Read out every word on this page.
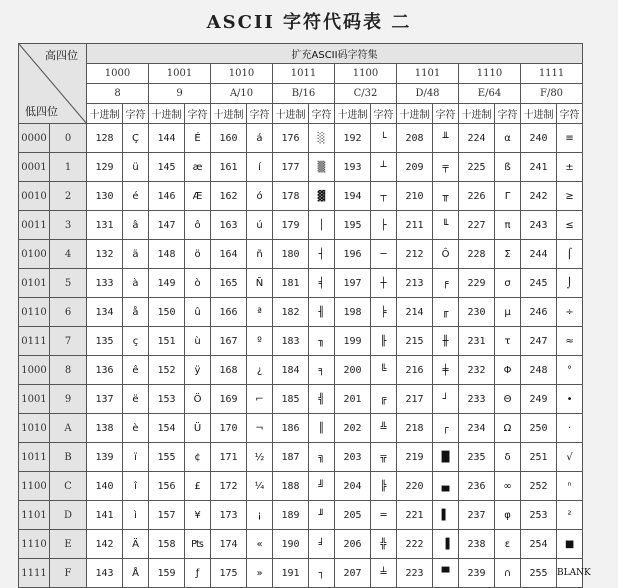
ASCII 字符代码表 二
高四位
低四位		扩充ASCII码字符集															
		1000		1001		1010		1011		1100		1101		1110		1111	
		8		9		A/10		B/16		C/32		D/48		E/64		F/80	
		十进制	字符	十进制	字符	十进制	字符	十进制	字符	十进制	字符	十进制	字符	十进制	字符	十进制	字符
0000	0	128	Ç	144	É	160	á	176	░	192	└	208	╨	224	α	240	≡
0001	1	129	ü	145	æ	161	í	177	▒	193	┴	209	╤	225	ß	241	±
0010	2	130	é	146	Æ	162	ó	178	▓	194	┬	210	╥	226	Γ	242	≥
0011	3	131	â	147	ô	163	ú	179	│	195	├	211	╙	227	π	243	≤
0100	4	132	ä	148	ö	164	ñ	180	┤	196	─	212	Ô	228	Σ	244	⌠
0101	5	133	à	149	ò	165	Ñ	181	╡	197	┼	213	╒	229	σ	245	⌡
0110	6	134	å	150	û	166	ª	182	╢	198	╞	214	╓	230	µ	246	÷
0111	7	135	ç	151	ù	167	º	183	╖	199	╟	215	╫	231	τ	247	≈
1000	8	136	ê	152	ÿ	168	¿	184	╕	200	╚	216	╪	232	Φ	248	°
1001	9	137	ë	153	Ö	169	⌐	185	╣	201	╔	217	┘	233	Θ	249	•
1010	A	138	è	154	Ü	170	¬	186	║	202	╩	218	┌	234	Ω	250	·
1011	B	139	ï	155	¢	171	½	187	╗	203	╦	219	█	235	δ	251	√
1100	C	140	î	156	£	172	¼	188	╝	204	╠	220	▄	236	∞	252	ⁿ
1101	D	141	ì	157	¥	173	¡	189	╜	205	═	221	▌	237	φ	253	²
1110	E	142	Ä	158	₧	174	«	190	╛	206	╬	222	▐	238	ε	254	■
1111	F	143	Å	159	ƒ	175	»	191	┐	207	╧	223	▀	239	∩	255	BLANK
